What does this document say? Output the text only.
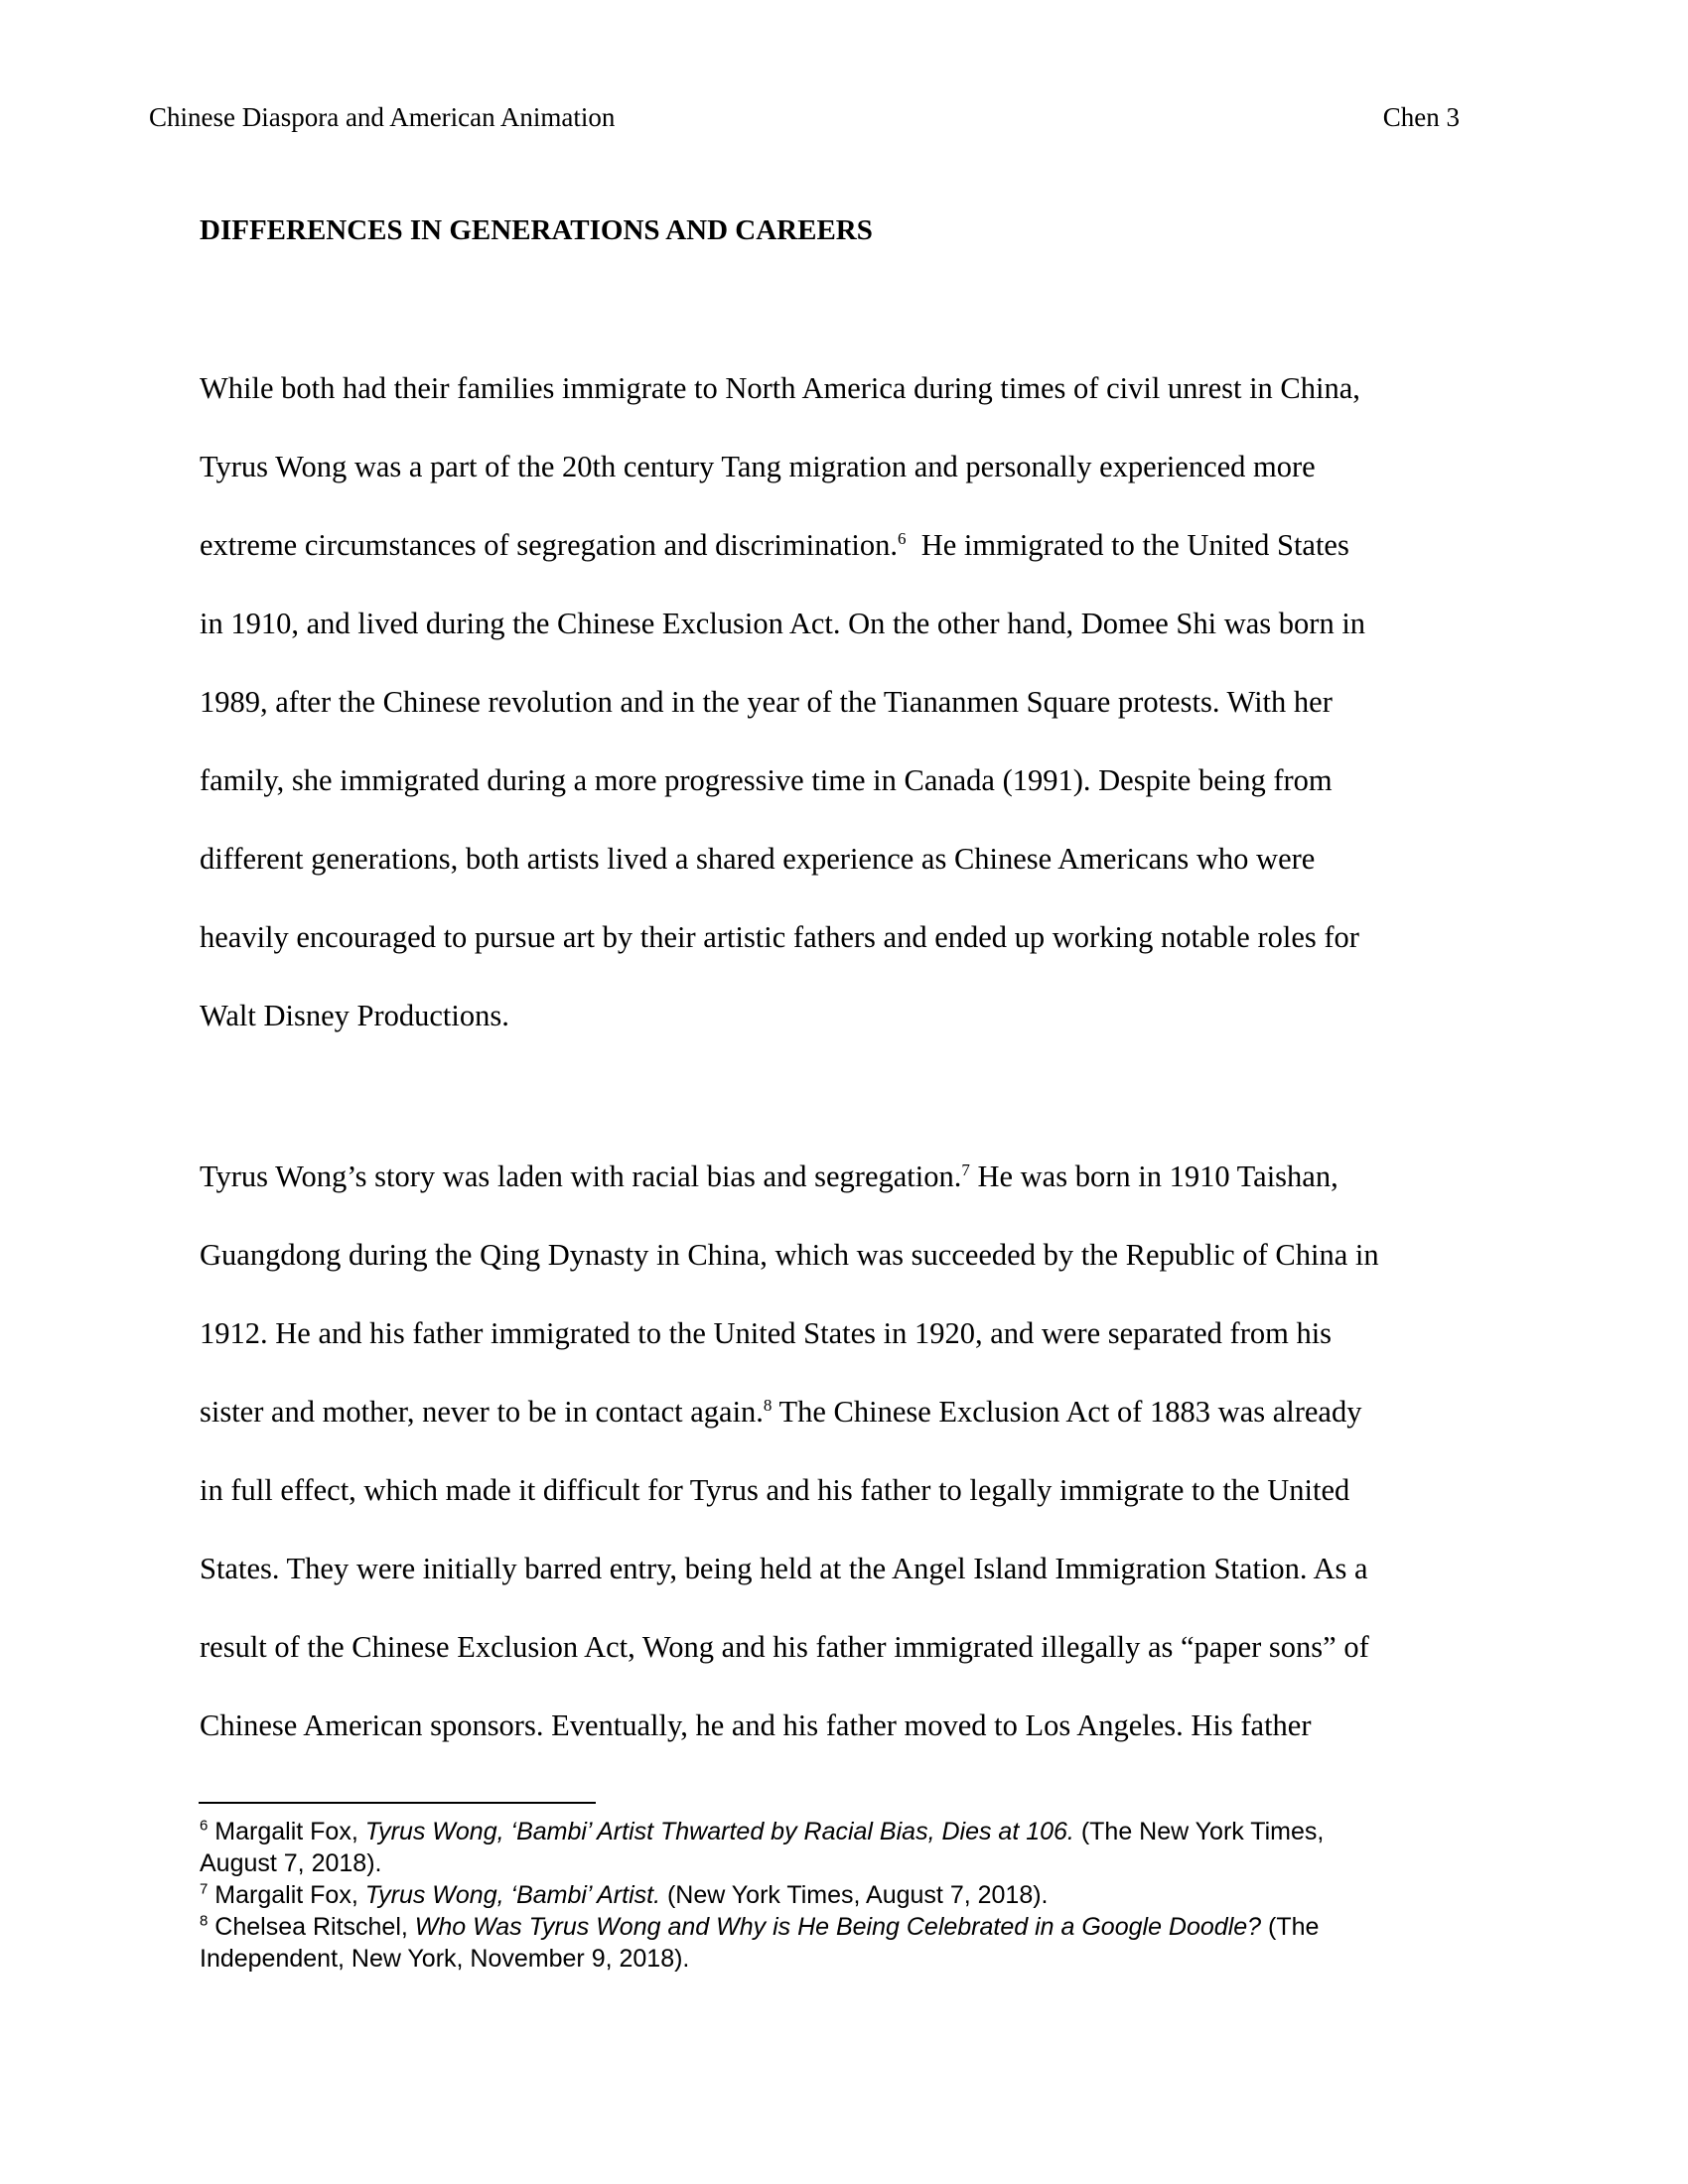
Chinese Diaspora and American Animation	Chen 3
DIFFERENCES IN GENERATIONS AND CAREERS
While both had their families immigrate to North America during times of civil unrest in China,
Tyrus Wong was a part of the 20th century Tang migration and personally experienced more
extreme circumstances of segregation and discrimination.$^6$  He immigrated to the United States
in 1910, and lived during the Chinese Exclusion Act. On the other hand, Domee Shi was born in
1989, after the Chinese revolution and in the year of the Tiananmen Square protests. With her
family, she immigrated during a more progressive time in Canada (1991). Despite being from
different generations, both artists lived a shared experience as Chinese Americans who were
heavily encouraged to pursue art by their artistic fathers and ended up working notable roles for
Walt Disney Productions.
Tyrus Wong’s story was laden with racial bias and segregation.$^7$ He was born in 1910 Taishan,
Guangdong during the Qing Dynasty in China, which was succeeded by the Republic of China in
1912. He and his father immigrated to the United States in 1920, and were separated from his
sister and mother, never to be in contact again.$^8$ The Chinese Exclusion Act of 1883 was already
in full effect, which made it difficult for Tyrus and his father to legally immigrate to the United
States. They were initially barred entry, being held at the Angel Island Immigration Station. As a
result of the Chinese Exclusion Act, Wong and his father immigrated illegally as “paper sons” of
Chinese American sponsors. Eventually, he and his father moved to Los Angeles. His father
$^6$ Margalit Fox, Tyrus Wong, ‘Bambi’ Artist Thwarted by Racial Bias, Dies at 106. (The New York Times,
August 7, 2018).
$^7$ Margalit Fox, Tyrus Wong, ‘Bambi’ Artist. (New York Times, August 7, 2018).
$^8$ Chelsea Ritschel, Who Was Tyrus Wong and Why is He Being Celebrated in a Google Doodle? (The
Independent, New York, November 9, 2018).
